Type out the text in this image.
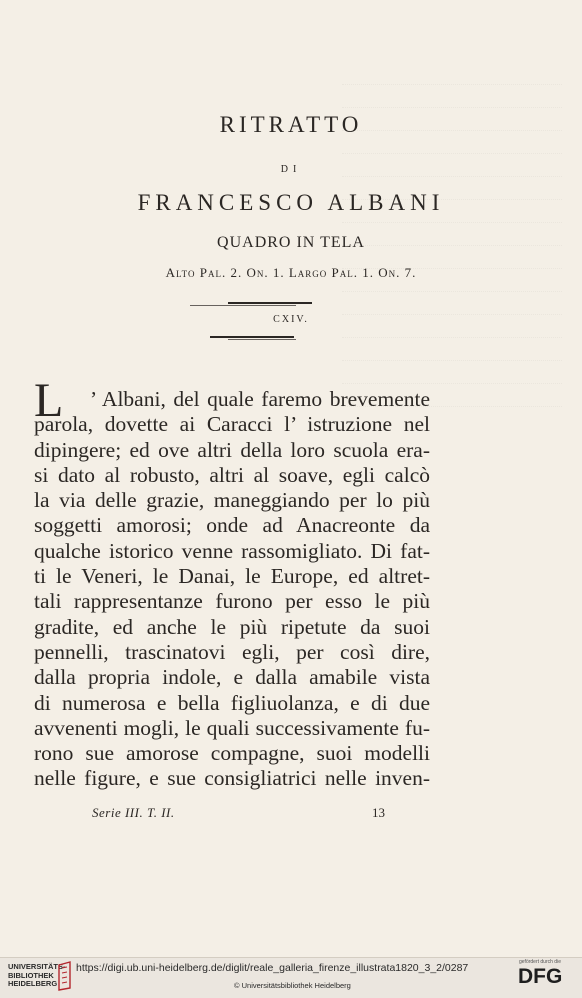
RITRATTO
DI
FRANCESCO ALBANI
QUADRO IN TELA
Alto Pal. 2. On. 1. Largo Pal. 1. On. 7.
CXIV.
L	’ Albani, del quale faremo brevemente
parola, dovette ai Caracci l’ istruzione nel
dipingere; ed ove altri della loro scuola era-
si dato al robusto, altri al soave, egli calcò
la via delle grazie, maneggiando per lo più
soggetti amorosi; onde ad Anacreonte da
qualche istorico venne rassomigliato. Di fat-
ti le Veneri, le Danai, le Europe, ed altret-
tali rappresentanze furono per esso le più
gradite, ed anche le più ripetute da suoi
pennelli, trascinatovi egli, per così dire,
dalla propria indole, e dalla amabile vista
di numerosa e bella figliuolanza, e di due
avvenenti mogli, le quali successivamente fu-
rono sue amorose compagne, suoi modelli
nelle figure, e sue consigliatrici nelle inven-
Serie III. T. II.	13
UNIVERSITÄTS-
BIBLIOTHEK
HEIDELBERG
https://digi.ub.uni-heidelberg.de/diglit/reale_galleria_firenze_illustrata1820_3_2/0287
© Universitätsbibliothek Heidelberg
gefördert durch die
DFG
